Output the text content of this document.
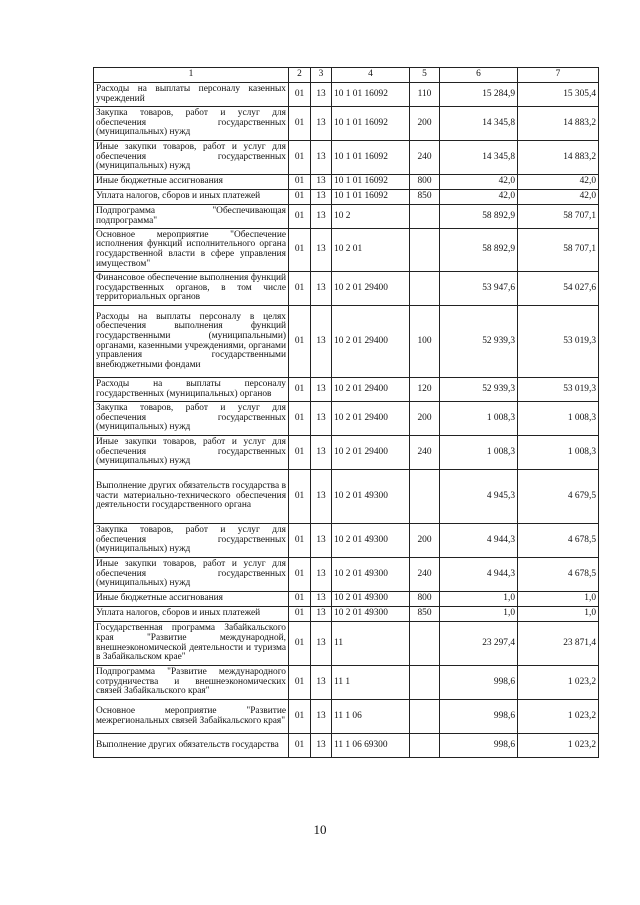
1	2	3	4	5	6	7
Расходы на выплаты персоналу казенных учреждений	01	13	10 1 01 16092	110	15 284,9	15 305,4
Закупка товаров, работ и услуг для обеспечения государственных (муниципальных) нужд	01	13	10 1 01 16092	200	14 345,8	14 883,2
Иные закупки товаров, работ и услуг для обеспечения государственных (муниципальных) нужд	01	13	10 1 01 16092	240	14 345,8	14 883,2
Иные бюджетные ассигнования	01	13	10 1 01 16092	800	42,0	42,0
Уплата налогов, сборов и иных платежей	01	13	10 1 01 16092	850	42,0	42,0
Подпрограмма "Обеспечивающая подпрограмма"	01	13	10 2		58 892,9	58 707,1
Основное мероприятие "Обеспечение исполнения функций исполнительного органа государственной власти в сфере управления имуществом"	01	13	10 2 01		58 892,9	58 707,1
Финансовое обеспечение выполнения функций государственных органов, в том числе территориальных органов	01	13	10 2 01 29400		53 947,6	54 027,6
Расходы на выплаты персоналу в целях обеспечения выполнения функций государственными (муниципальными) органами, казенными учреждениями, органами управления государственными внебюджетными фондами	01	13	10 2 01 29400	100	52 939,3	53 019,3
Расходы на выплаты персоналу государственных (муниципальных) органов	01	13	10 2 01 29400	120	52 939,3	53 019,3
Закупка товаров, работ и услуг для обеспечения государственных (муниципальных) нужд	01	13	10 2 01 29400	200	1 008,3	1 008,3
Иные закупки товаров, работ и услуг для обеспечения государственных (муниципальных) нужд	01	13	10 2 01 29400	240	1 008,3	1 008,3
Выполнение других обязательств государства в части материально-технического обеспечения деятельности государственного органа	01	13	10 2 01 49300		4 945,3	4 679,5
Закупка товаров, работ и услуг для обеспечения государственных (муниципальных) нужд	01	13	10 2 01 49300	200	4 944,3	4 678,5
Иные закупки товаров, работ и услуг для обеспечения государственных (муниципальных) нужд	01	13	10 2 01 49300	240	4 944,3	4 678,5
Иные бюджетные ассигнования	01	13	10 2 01 49300	800	1,0	1,0
Уплата налогов, сборов и иных платежей	01	13	10 2 01 49300	850	1,0	1,0
Государственная программа Забайкальского края "Развитие международной, внешнеэкономической деятельности и туризма в Забайкальском крае"	01	13	11		23 297,4	23 871,4
Подпрограмма "Развитие международного сотрудничества и внешнеэкономических связей Забайкальского края"	01	13	11 1		998,6	1 023,2
Основное мероприятие "Развитие межрегиональных связей Забайкальского края"	01	13	11 1 06		998,6	1 023,2
Выполнение других обязательств государства	01	13	11 1 06 69300		998,6	1 023,2
10
